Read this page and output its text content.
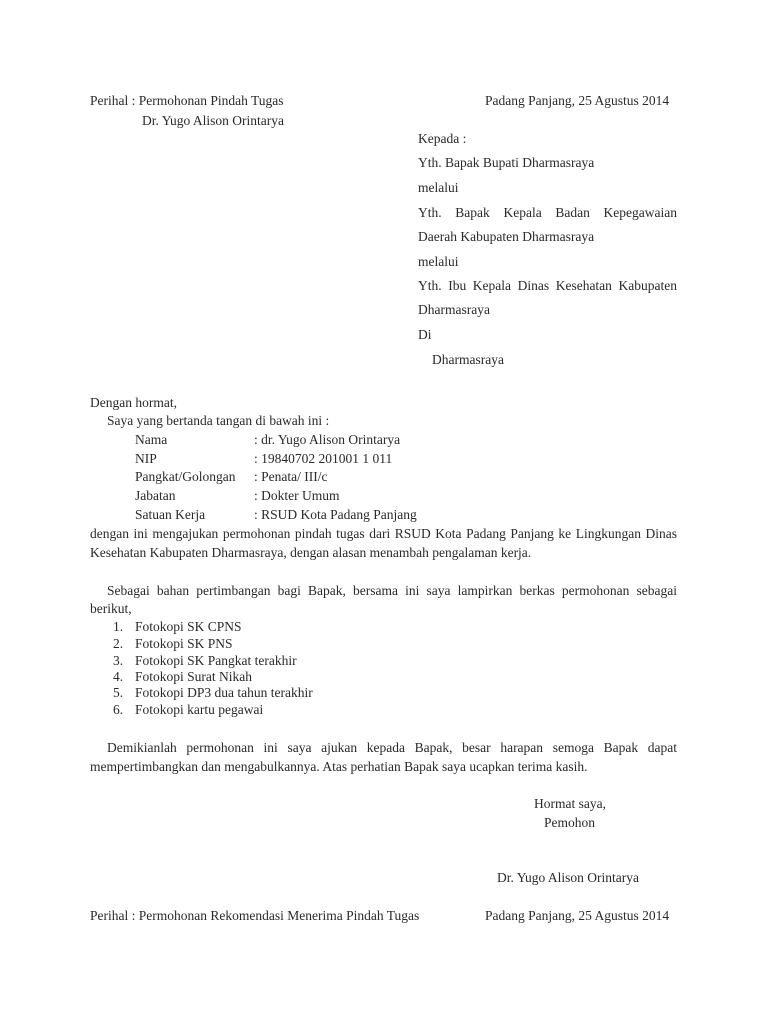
Perihal : Permohonan Pindah Tugas	Padang Panjang, 25 Agustus 2014
Dr. Yugo Alison Orintarya
Kepada :
Yth. Bapak Bupati Dharmasraya
melalui
Yth. Bapak Kepala Badan Kepegawaian
Daerah Kabupaten Dharmasraya
melalui
Yth. Ibu Kepala Dinas Kesehatan Kabupaten
Dharmasraya
Di
Dharmasraya
Dengan hormat,
Saya yang bertanda tangan di bawah ini :
Nama	: dr. Yugo Alison Orintarya
NIP	: 19840702 201001 1 011
Pangkat/Golongan : Penata/ III/c
Jabatan	: Dokter Umum
Satuan Kerja	: RSUD Kota Padang Panjang
dengan ini mengajukan permohonan pindah tugas dari RSUD Kota Padang Panjang ke Lingkungan Dinas
Kesehatan Kabupaten Dharmasraya, dengan alasan menambah pengalaman kerja.
Sebagai bahan pertimbangan bagi Bapak, bersama ini saya lampirkan berkas permohonan sebagai
berikut,
1. Fotokopi SK CPNS
2. Fotokopi SK PNS
3. Fotokopi SK Pangkat terakhir
4. Fotokopi Surat Nikah
5. Fotokopi DP3 dua tahun terakhir
6. Fotokopi kartu pegawai
Demikianlah permohonan ini saya ajukan kepada Bapak, besar harapan semoga Bapak dapat
mempertimbangkan dan mengabulkannya. Atas perhatian Bapak saya ucapkan terima kasih.
Hormat saya,
Pemohon
Dr. Yugo Alison Orintarya
Perihal : Permohonan Rekomendasi Menerima Pindah Tugas	Padang Panjang, 25 Agustus 2014
